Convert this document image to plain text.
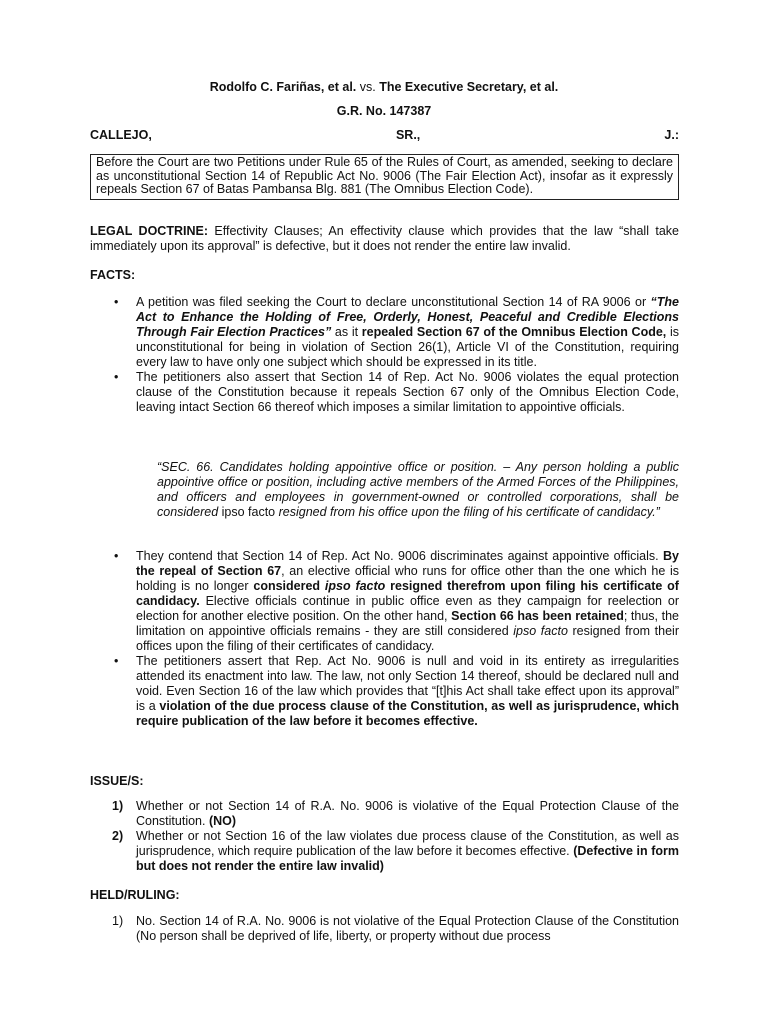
Rodolfo C. Fariñas, et al. vs. The Executive Secretary, et al.
G.R. No. 147387
CALLEJO,	SR.,	J.:
Before the Court are two Petitions under Rule 65 of the Rules of Court, as amended, seeking to declare as unconstitutional Section 14 of Republic Act No. 9006 (The Fair Election Act), insofar as it expressly repeals Section 67 of Batas Pambansa Blg. 881 (The Omnibus Election Code).
LEGAL DOCTRINE: Effectivity Clauses; An effectivity clause which provides that the law “shall take immediately upon its approval” is defective, but it does not render the entire law invalid.
FACTS:
• A petition was filed seeking the Court to declare unconstitutional Section 14 of RA 9006 or “The Act to Enhance the Holding of Free, Orderly, Honest, Peaceful and Credible Elections Through Fair Election Practices” as it repealed Section 67 of the Omnibus Election Code, is unconstitutional for being in violation of Section 26(1), Article VI of the Constitution, requiring every law to have only one subject which should be expressed in its title.
• The petitioners also assert that Section 14 of Rep. Act No. 9006 violates the equal protection clause of the Constitution because it repeals Section 67 only of the Omnibus Election Code, leaving intact Section 66 thereof which imposes a similar limitation to appointive officials.
“SEC. 66. Candidates holding appointive office or position. – Any person holding a public appointive office or position, including active members of the Armed Forces of the Philippines, and officers and employees in government-owned or controlled corporations, shall be considered ipso facto resigned from his office upon the filing of his certificate of candidacy.”
• They contend that Section 14 of Rep. Act No. 9006 discriminates against appointive officials. By the repeal of Section 67, an elective official who runs for office other than the one which he is holding is no longer considered ipso facto resigned therefrom upon filing his certificate of candidacy. Elective officials continue in public office even as they campaign for reelection or election for another elective position. On the other hand, Section 66 has been retained; thus, the limitation on appointive officials remains - they are still considered ipso facto resigned from their offices upon the filing of their certificates of candidacy.
• The petitioners assert that Rep. Act No. 9006 is null and void in its entirety as irregularities attended its enactment into law. The law, not only Section 14 thereof, should be declared null and void. Even Section 16 of the law which provides that “[t]his Act shall take effect upon its approval” is a violation of the due process clause of the Constitution, as well as jurisprudence, which require publication of the law before it becomes effective.
ISSUE/S:
1) Whether or not Section 14 of R.A. No. 9006 is violative of the Equal Protection Clause of the Constitution. (NO)
2) Whether or not Section 16 of the law violates due process clause of the Constitution, as well as jurisprudence, which require publication of the law before it becomes effective. (Defective in form but does not render the entire law invalid)
HELD/RULING:
1) No. Section 14 of R.A. No. 9006 is not violative of the Equal Protection Clause of the Constitution (No person shall be deprived of life, liberty, or property without due process
